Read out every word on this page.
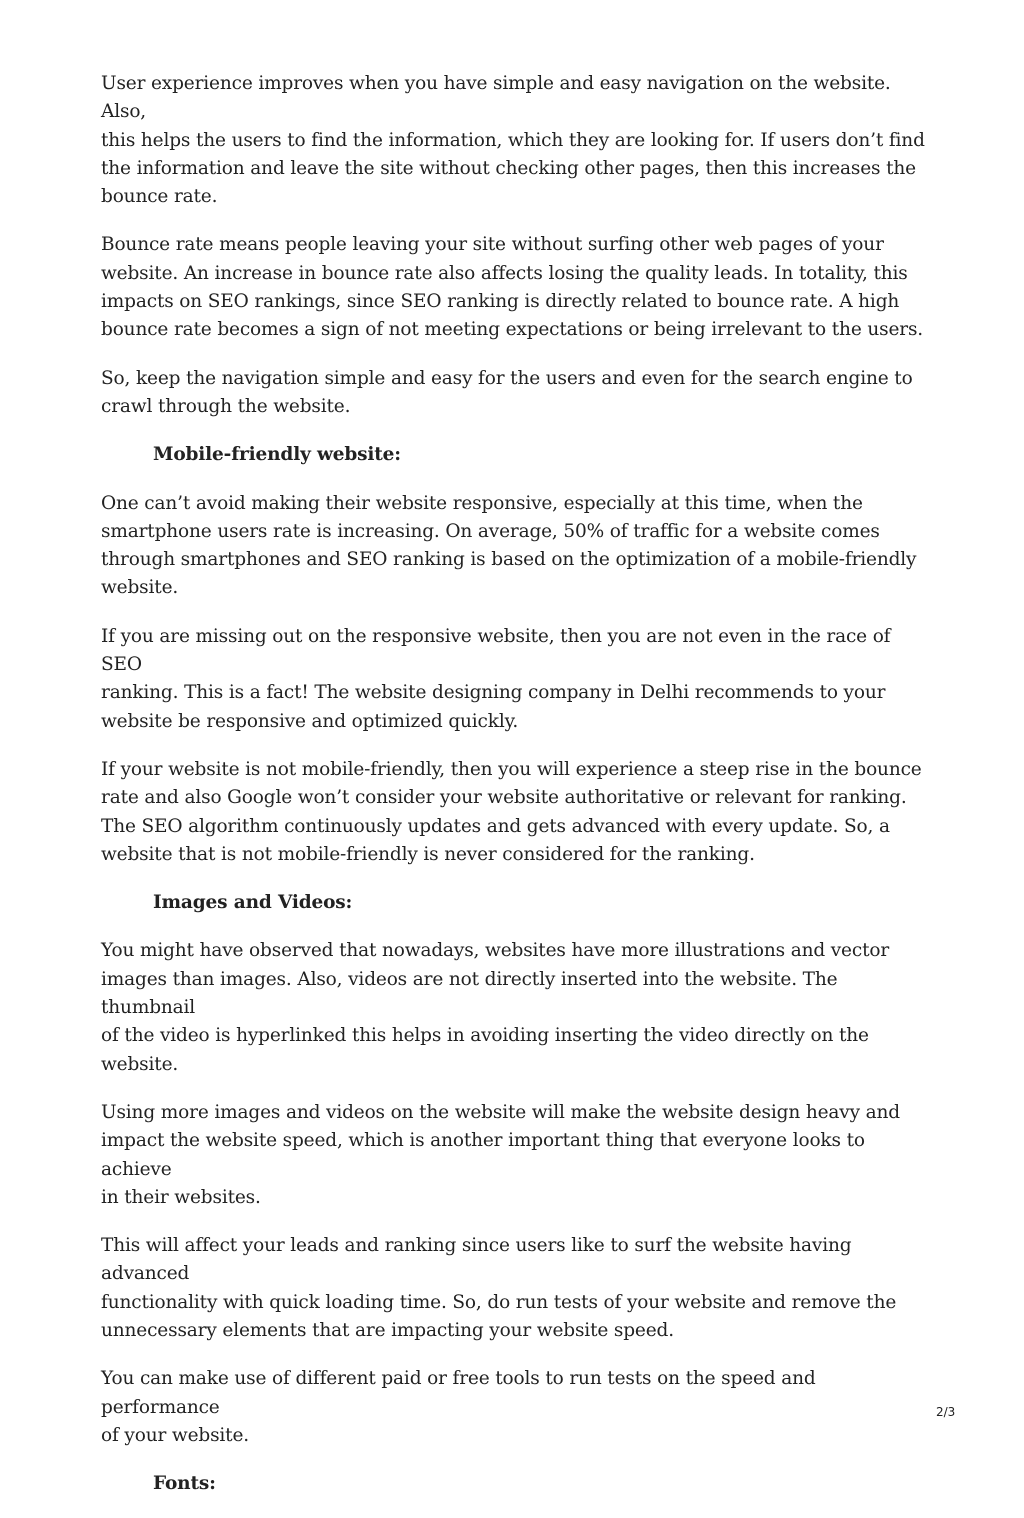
User experience improves when you have simple and easy navigation on the website. Also,
this helps the users to find the information, which they are looking for. If users don’t find
the information and leave the site without checking other pages, then this increases the
bounce rate.

Bounce rate means people leaving your site without surfing other web pages of your
website. An increase in bounce rate also affects losing the quality leads. In totality, this
impacts on SEO rankings, since SEO ranking is directly related to bounce rate. A high
bounce rate becomes a sign of not meeting expectations or being irrelevant to the users.

So, keep the navigation simple and easy for the users and even for the search engine to
crawl through the website.

Mobile-friendly website:

One can’t avoid making their website responsive, especially at this time, when the
smartphone users rate is increasing. On average, 50% of traffic for a website comes
through smartphones and SEO ranking is based on the optimization of a mobile-friendly
website.

If you are missing out on the responsive website, then you are not even in the race of SEO
ranking. This is a fact! The website designing company in Delhi recommends to your
website be responsive and optimized quickly.

If your website is not mobile-friendly, then you will experience a steep rise in the bounce
rate and also Google won’t consider your website authoritative or relevant for ranking.
The SEO algorithm continuously updates and gets advanced with every update. So, a
website that is not mobile-friendly is never considered for the ranking.

Images and Videos:

You might have observed that nowadays, websites have more illustrations and vector
images than images. Also, videos are not directly inserted into the website. The thumbnail
of the video is hyperlinked this helps in avoiding inserting the video directly on the
website.

Using more images and videos on the website will make the website design heavy and
impact the website speed, which is another important thing that everyone looks to achieve
in their websites.

This will affect your leads and ranking since users like to surf the website having advanced
functionality with quick loading time. So, do run tests of your website and remove the
unnecessary elements that are impacting your website speed.

You can make use of different paid or free tools to run tests on the speed and performance
of your website.

Fonts:
2/3
